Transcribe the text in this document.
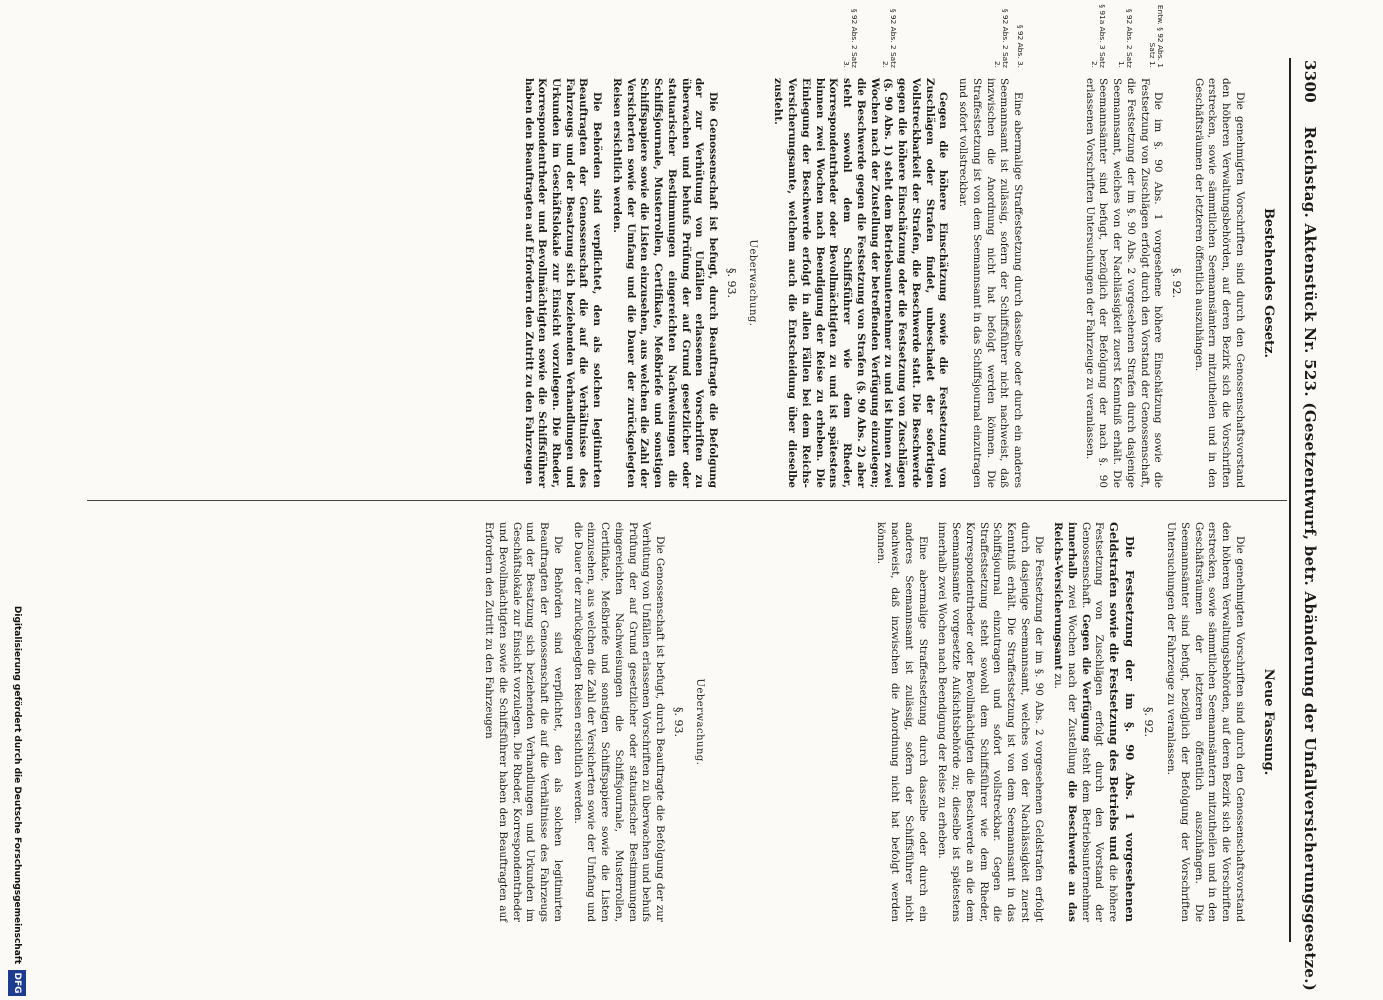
3300 Reichstag. Aktenstück Nr. 523. (Gesetzentwurf, betr. Abänderung der Unfallversicherungsgesetze.)
Bestehendes Gesetz.

Die genehmigten Vorschriften sind durch den Genossenschaftsvorstand den höheren Verwaltungsbehörden, auf deren Bezirk sich die Vorschriften erstrecken, sowie sämmtlichen Seemannsämtern mitzutheilen und in den Geschäftsräumen der letzteren öffentlich auszuhängen.

§. 92.
Entw. § 92 Abs. 1 Satz 1.
§ 92 Abs. 2 Satz 1.
§ 91a Abs. 3 Satz 2.

Die im §. 90 Abs. 1 vorgesehene höhere Einschätzung sowie die Festsetzung von Zuschlägen erfolgt durch den Vorstand der Genossenschaft, die Festsetzung der im §. 90 Abs. 2 vorgesehenen Strafen durch dasjenige Seemannsamt, welches von der Nachlässigkeit zuerst Kenntniß erhält. Die Seemannsämter sind befugt, bezüglich der Befolgung der nach §. 90 erlassenen Vorschriften Untersuchungen der Fahrzeuge zu veranlassen.

§ 92 Abs. 3.
§ 92 Abs. 2 Satz 2.

Eine abermalige Straffestsetzung durch dasselbe oder durch ein anderes Seemannsamt ist zulässig, sofern der Schiffsführer nicht nachweist, daß inzwischen die Anordnung nicht hat befolgt werden können. Die Straffestsetzung ist von dem Seemannsamt in das Schiffsjournal einzutragen und sofort vollstreckbar.

§ 92 Abs. 2 Satz 2.
§ 92 Abs. 2 Satz 3.

Gegen die höhere Einschätzung sowie die Festsetzung von Zuschlägen oder Strafen findet, unbeschadet der sofortigen Vollstreckbarkeit der Strafen, die Beschwerde statt. Die Beschwerde gegen die höhere Einschätzung oder die Festsetzung von Zuschlägen (§. 90 Abs. 1) steht dem Betriebsunternehmer zu und ist binnen zwei Wochen nach der Zustellung der betreffenden Verfügung einzulegen; die Beschwerde gegen die Festsetzung von Strafen (§. 90 Abs. 2) aber steht sowohl dem Schiffsführer wie dem Rheder, Korrespondentrheder oder Bevollmächtigten zu und ist spätestens binnen zwei Wochen nach Beendigung der Reise zu erheben. Die Einlegung der Beschwerde erfolgt in allen Fällen bei dem Reichs-Versicherungsamte, welchem auch die Entscheidung über dieselbe zusteht.

Ueberwachung.
§. 93.

Die Genossenschaft ist befugt, durch Beauftragte die Befolgung der zur Verhütung von Unfällen erlassenen Vorschriften zu überwachen und behufs Prüfung der auf Grund gesetzlicher oder statuarischer Bestimmungen eingereichten Nachweisungen die Schiffsjournale, Musterrollen, Certifikate, Meßbriefe und sonstigen Schiffspapiere sowie die Listen einzusehen, aus welchen die Zahl der Versicherten sowie der Umfang und die Dauer der zurückgelegten Reisen ersichtlich werden.

Die Behörden sind verpflichtet, den als solchen legitimirten Beauftragten der Genossenschaft die auf die Verhältnisse des Fahrzeugs und der Besatzung sich beziehenden Verhandlungen und Urkunden im Geschäftslokale zur Einsicht vorzulegen. Die Rheder, Korrespondentrheder und Bevollmächtigten sowie die Schiffsführer haben den Beauftragten auf Erfordern den Zutritt zu den Fahrzeugen

Neue Fassung.

Die genehmigten Vorschriften sind durch den Genossenschaftsvorstand den höheren Verwaltungsbehörden, auf deren Bezirk sich die Vorschriften erstrecken, sowie sämmtlichen Seemannsämtern mitzutheilen und in den Geschäftsräumen der letzteren öffentlich auszuhängen. Die Seemannsämter sind befugt, bezüglich der Befolgung der Vorschriften Untersuchungen der Fahrzeuge zu veranlassen.

§. 92.

Die Festsetzung der im §. 90 Abs. 1 vorgesehenen Geldstrafen sowie die Festsetzung des Betriebs und die höhere Festsetzung von Zuschlägen erfolgt durch den Vorstand der Genossenschaft. Gegen die Verfügung steht dem Betriebsunternehmer innerhalb zwei Wochen nach der Zustellung die Beschwerde an das Reichs-Versicherungsamt zu.

Die Festsetzung der im §. 90 Abs. 2 vorgesehenen Geldstrafen erfolgt durch dasjenige Seemannsamt, welches von der Nachlässigkeit zuerst Kenntniß erhält. Die Straffestsetzung ist von dem Seemannsamt in das Schiffsjournal einzutragen und sofort vollstreckbar. Gegen die Straffestsetzung steht sowohl dem Schiffsführer wie dem Rheder, Korrespondentrheder oder Bevollmächtigten die Beschwerde an die dem Seemannsamte vorgesetzte Aufsichtsbehörde zu; dieselbe ist spätestens innerhalb zwei Wochen nach Beendigung der Reise zu erheben.

Eine abermalige Straffestsetzung durch dasselbe oder durch ein anderes Seemannsamt ist zulässig, sofern der Schiffsführer nicht nachweist, daß inzwischen die Anordnung nicht hat befolgt werden können.

Ueberwachung.
§. 93.

Die Genossenschaft ist befugt, durch Beauftragte die Befolgung der zur Verhütung von Unfällen erlassenen Vorschriften zu überwachen und behufs Prüfung der auf Grund gesetzlicher oder statuarischer Bestimmungen eingereichten Nachweisungen die Schiffsjournale, Musterrollen, Certifikate, Meßbriefe und sonstigen Schiffspapiere sowie die Listen einzusehen, aus welchen die Zahl der Versicherten sowie der Umfang und die Dauer der zurückgelegten Reisen ersichtlich werden.

Die Behörden sind verpflichtet, den als solchen legitimirten Beauftragten der Genossenschaft die auf die Verhältnisse des Fahrzeugs und der Besatzung sich beziehenden Verhandlungen und Urkunden im Geschäftslokale zur Einsicht vorzulegen. Die Rheder, Korrespondentrheder und Bevollmächtigten sowie die Schiffsführer haben den Beauftragten auf Erfordern den Zutritt zu den Fahrzeugen

Digitalisierung gefördert durch die Deutsche Forschungsgemeinschaft
DFG
